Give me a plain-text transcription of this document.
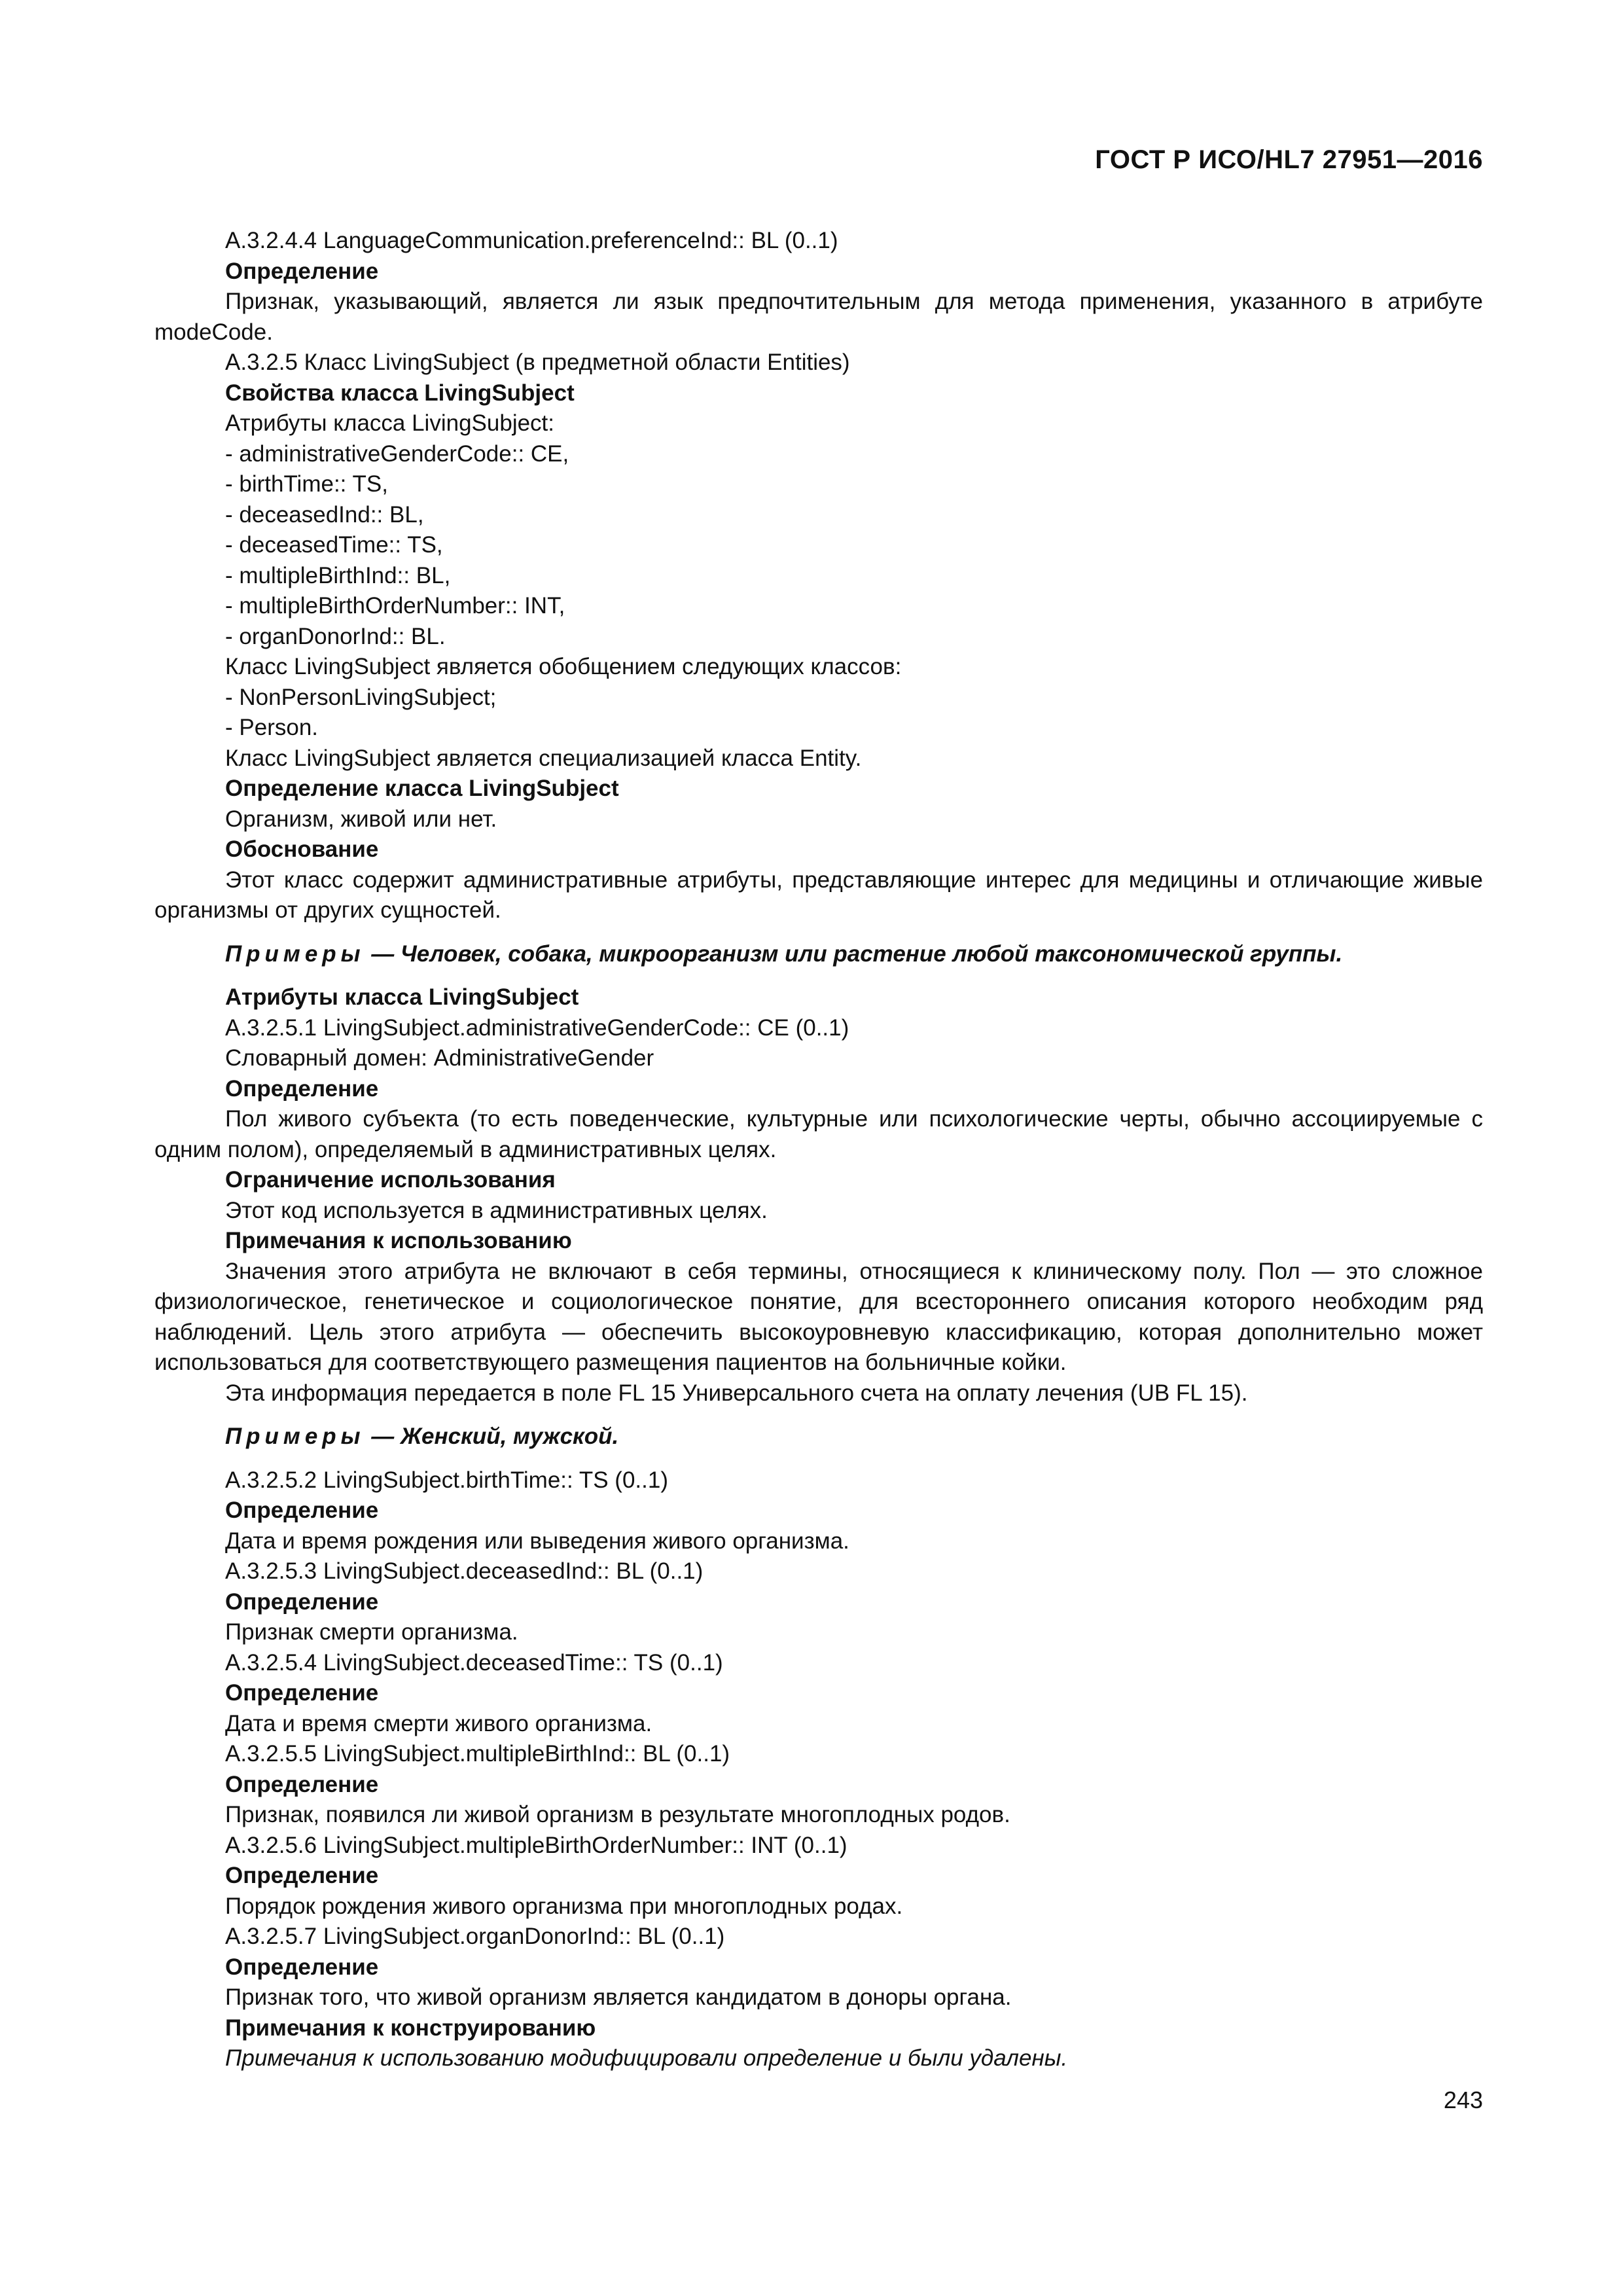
ГОСТ Р ИСО/HL7 27951—2016

A.3.2.4.4 LanguageCommunication.preferenceInd:: BL (0..1)

Определение

Признак, указывающий, является ли язык предпочтительным для метода применения, указанного в атрибуте modeCode.

A.3.2.5 Класс LivingSubject (в предметной области Entities)

Свойства класса LivingSubject

Атрибуты класса LivingSubject:

- administrativeGenderCode:: CE,

- birthTime:: TS,

- deceasedInd:: BL,

- deceasedTime:: TS,

- multipleBirthInd:: BL,

- multipleBirthOrderNumber:: INT,

- organDonorInd:: BL.

Класс LivingSubject является обобщением следующих классов:

- NonPersonLivingSubject;

- Person.

Класс LivingSubject является специализацией класса Entity.

Определение класса LivingSubject

Организм, живой или нет.

Обоснование

Этот класс содержит административные атрибуты, представляющие интерес для медицины и отличающие живые организмы от других сущностей.

Примеры — Человек, собака, микроорганизм или растение любой таксономической группы.

Атрибуты класса LivingSubject

A.3.2.5.1 LivingSubject.administrativeGenderCode:: CE (0..1)

Словарный домен: AdministrativeGender

Определение

Пол живого субъекта (то есть поведенческие, культурные или психологические черты, обычно ассоциируемые с одним полом), определяемый в административных целях.

Ограничение использования

Этот код используется в административных целях.

Примечания к использованию

Значения этого атрибута не включают в себя термины, относящиеся к клиническому полу. Пол — это сложное физиологическое, генетическое и социологическое понятие, для всестороннего описания которого необходим ряд наблюдений. Цель этого атрибута — обеспечить высокоуровневую классификацию, которая дополнительно может использоваться для соответствующего размещения пациентов на больничные койки.

Эта информация передается в поле FL 15 Универсального счета на оплату лечения (UB FL 15).

Примеры — Женский, мужской.

A.3.2.5.2 LivingSubject.birthTime:: TS (0..1)

Определение

Дата и время рождения или выведения живого организма.

A.3.2.5.3 LivingSubject.deceasedInd:: BL (0..1)

Определение

Признак смерти организма.

A.3.2.5.4 LivingSubject.deceasedTime:: TS (0..1)

Определение

Дата и время смерти живого организма.

A.3.2.5.5 LivingSubject.multipleBirthInd:: BL (0..1)

Определение

Признак, появился ли живой организм в результате многоплодных родов.

A.3.2.5.6 LivingSubject.multipleBirthOrderNumber:: INT (0..1)

Определение

Порядок рождения живого организма при многоплодных родах.

A.3.2.5.7 LivingSubject.organDonorInd:: BL (0..1)

Определение

Признак того, что живой организм является кандидатом в доноры органа.

Примечания к конструированию

Примечания к использованию модифицировали определение и были удалены.

243
